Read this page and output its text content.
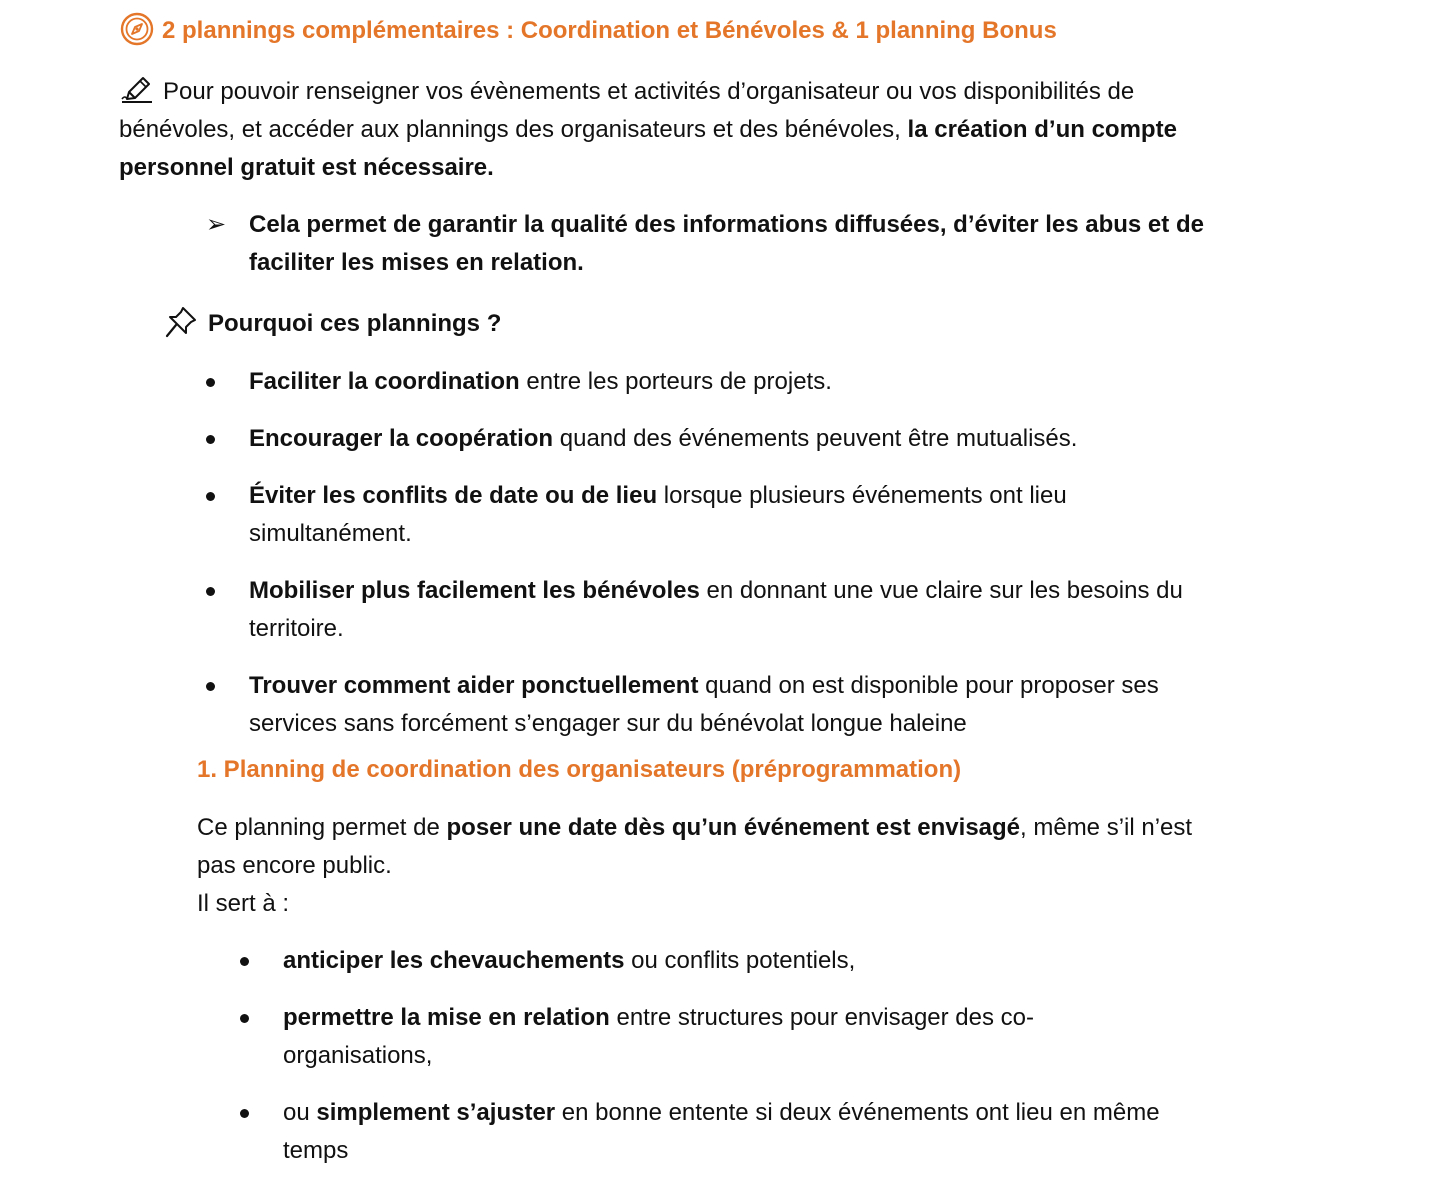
2 plannings complémentaires : Coordination et Bénévoles & 1 planning Bonus
Pour pouvoir renseigner vos évènements et activités d’organisateur ou vos disponibilités de bénévoles, et accéder aux plannings des organisateurs et des bénévoles, la création d’un compte personnel gratuit est nécessaire.
➢ Cela permet de garantir la qualité des informations diffusées, d’éviter les abus et de faciliter les mises en relation.
Pourquoi ces plannings ?
Faciliter la coordination entre les porteurs de projets.
Encourager la coopération quand des événements peuvent être mutualisés.
Éviter les conflits de date ou de lieu lorsque plusieurs événements ont lieu simultanément.
Mobiliser plus facilement les bénévoles en donnant une vue claire sur les besoins du territoire.
Trouver comment aider ponctuellement quand on est disponible pour proposer ses services sans forcément s’engager sur du bénévolat longue haleine
1. Planning de coordination des organisateurs (préprogrammation)
Ce planning permet de poser une date dès qu’un événement est envisagé, même s’il n’est pas encore public.
Il sert à :
anticiper les chevauchements ou conflits potentiels,
permettre la mise en relation entre structures pour envisager des co-organisations,
ou simplement s’ajuster en bonne entente si deux événements ont lieu en même temps
